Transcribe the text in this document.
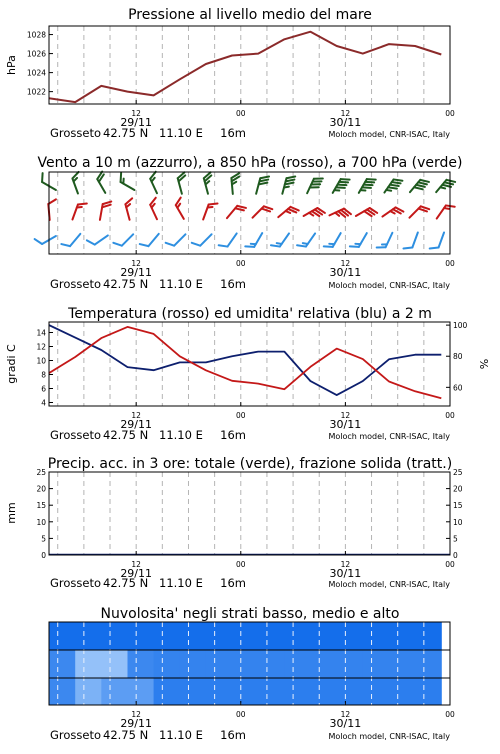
Pressione al livello medio del mare
hPa
1022
1024
1026
1028
12	00	12	00
29/11	30/11
Grosseto 42.75 N 11.10 E 16m	Moloch model, CNR-ISAC, Italy
Vento a 10 m (azzurro), a 850 hPa (rosso), a 700 hPa (verde)
12	00	12	00
29/11	30/11
Grosseto 42.75 N 11.10 E 16m	Moloch model, CNR-ISAC, Italy
Temperatura (rosso) ed umidita' relativa (blu) a 2 m
gradi C	%
4
6
8
10
12
14
60
80
100
12	00	12	00
29/11	30/11
Grosseto 42.75 N 11.10 E 16m	Moloch model, CNR-ISAC, Italy
Precip. acc. in 3 ore: totale (verde), frazione solida (tratt.)
mm
0
5
10
15
20
25
0
5
10
15
20
25
12	00	12	00
29/11	30/11
Grosseto 42.75 N 11.10 E 16m	Moloch model, CNR-ISAC, Italy
Nuvolosita' negli strati basso, medio e alto
12	00	12	00
29/11	30/11
Grosseto 42.75 N 11.10 E 16m	Moloch model, CNR-ISAC, Italy
